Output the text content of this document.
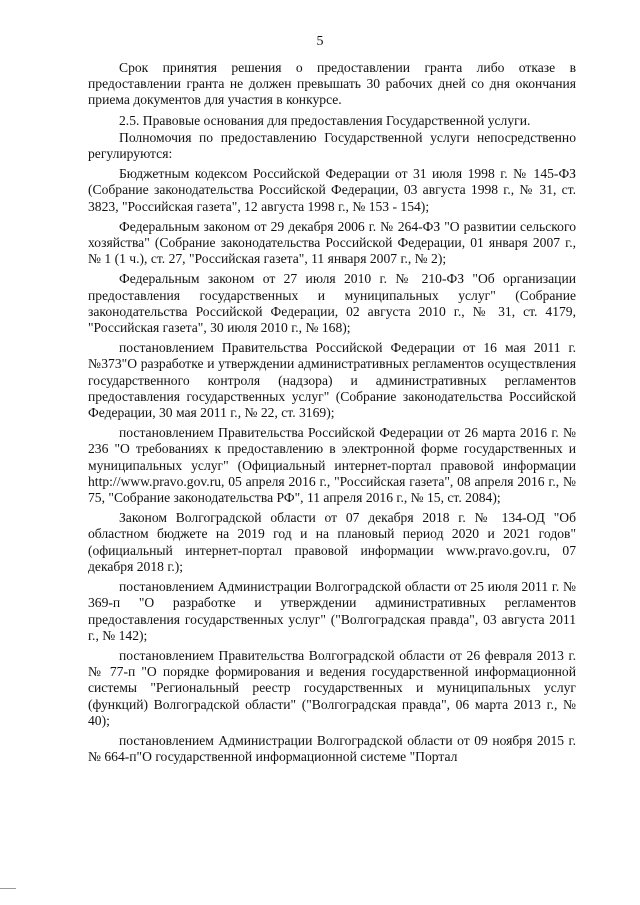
5

Срок принятия решения о предоставлении гранта либо отказе в предоставлении гранта не должен превышать 30 рабочих дней со дня окончания приема документов для участия в конкурсе.

2.5. Правовые основания для предоставления Государственной услуги.

Полномочия по предоставлению Государственной услуги непосредственно регулируются:

Бюджетным кодексом Российской Федерации от 31 июля 1998 г. № 145-ФЗ (Собрание законодательства Российской Федерации, 03 августа 1998 г., № 31, ст. 3823, "Российская газета", 12 августа 1998 г., № 153 - 154);

Федеральным законом от 29 декабря 2006 г. № 264-ФЗ "О развитии сельского хозяйства" (Собрание законодательства Российской Федерации, 01 января 2007 г., № 1 (1 ч.), ст. 27, "Российская газета", 11 января 2007 г., № 2);

Федеральным законом от 27 июля 2010 г. № 210-ФЗ "Об организации предоставления государственных и муниципальных услуг" (Собрание законодательства Российской Федерации, 02 августа 2010 г., № 31, ст. 4179, "Российская газета", 30 июля 2010 г., № 168);

постановлением Правительства Российской Федерации от 16 мая 2011 г. №373"О разработке и утверждении административных регламентов осуществления государственного контроля (надзора) и административных регламентов предоставления государственных услуг" (Собрание законодательства Российской Федерации, 30 мая 2011 г., № 22, ст. 3169);

постановлением Правительства Российской Федерации от 26 марта 2016 г. № 236 "О требованиях к предоставлению в электронной форме государственных и муниципальных услуг" (Официальный интернет-портал правовой информации http://www.pravo.gov.ru, 05 апреля 2016 г., "Российская газета", 08 апреля 2016 г., № 75, "Собрание законодательства РФ", 11 апреля 2016 г., № 15, ст. 2084);

Законом Волгоградской области от 07 декабря 2018 г. № 134-ОД "Об областном бюджете на 2019 год и на плановый период 2020 и 2021 годов" (официальный интернет-портал правовой информации www.pravo.gov.ru, 07 декабря 2018 г.);

постановлением Администрации Волгоградской области от 25 июля 2011 г. № 369-п "О разработке и утверждении административных регламентов предоставления государственных услуг" ("Волгоградская правда", 03 августа 2011 г., № 142);

постановлением Правительства Волгоградской области от 26 февраля 2013 г. № 77-п "О порядке формирования и ведения государственной информационной системы "Региональный реестр государственных и муниципальных услуг (функций) Волгоградской области" ("Волгоградская правда", 06 марта 2013 г., № 40);

постановлением Администрации Волгоградской области от 09 ноября 2015 г. № 664-п"О государственной информационной системе "Портал
